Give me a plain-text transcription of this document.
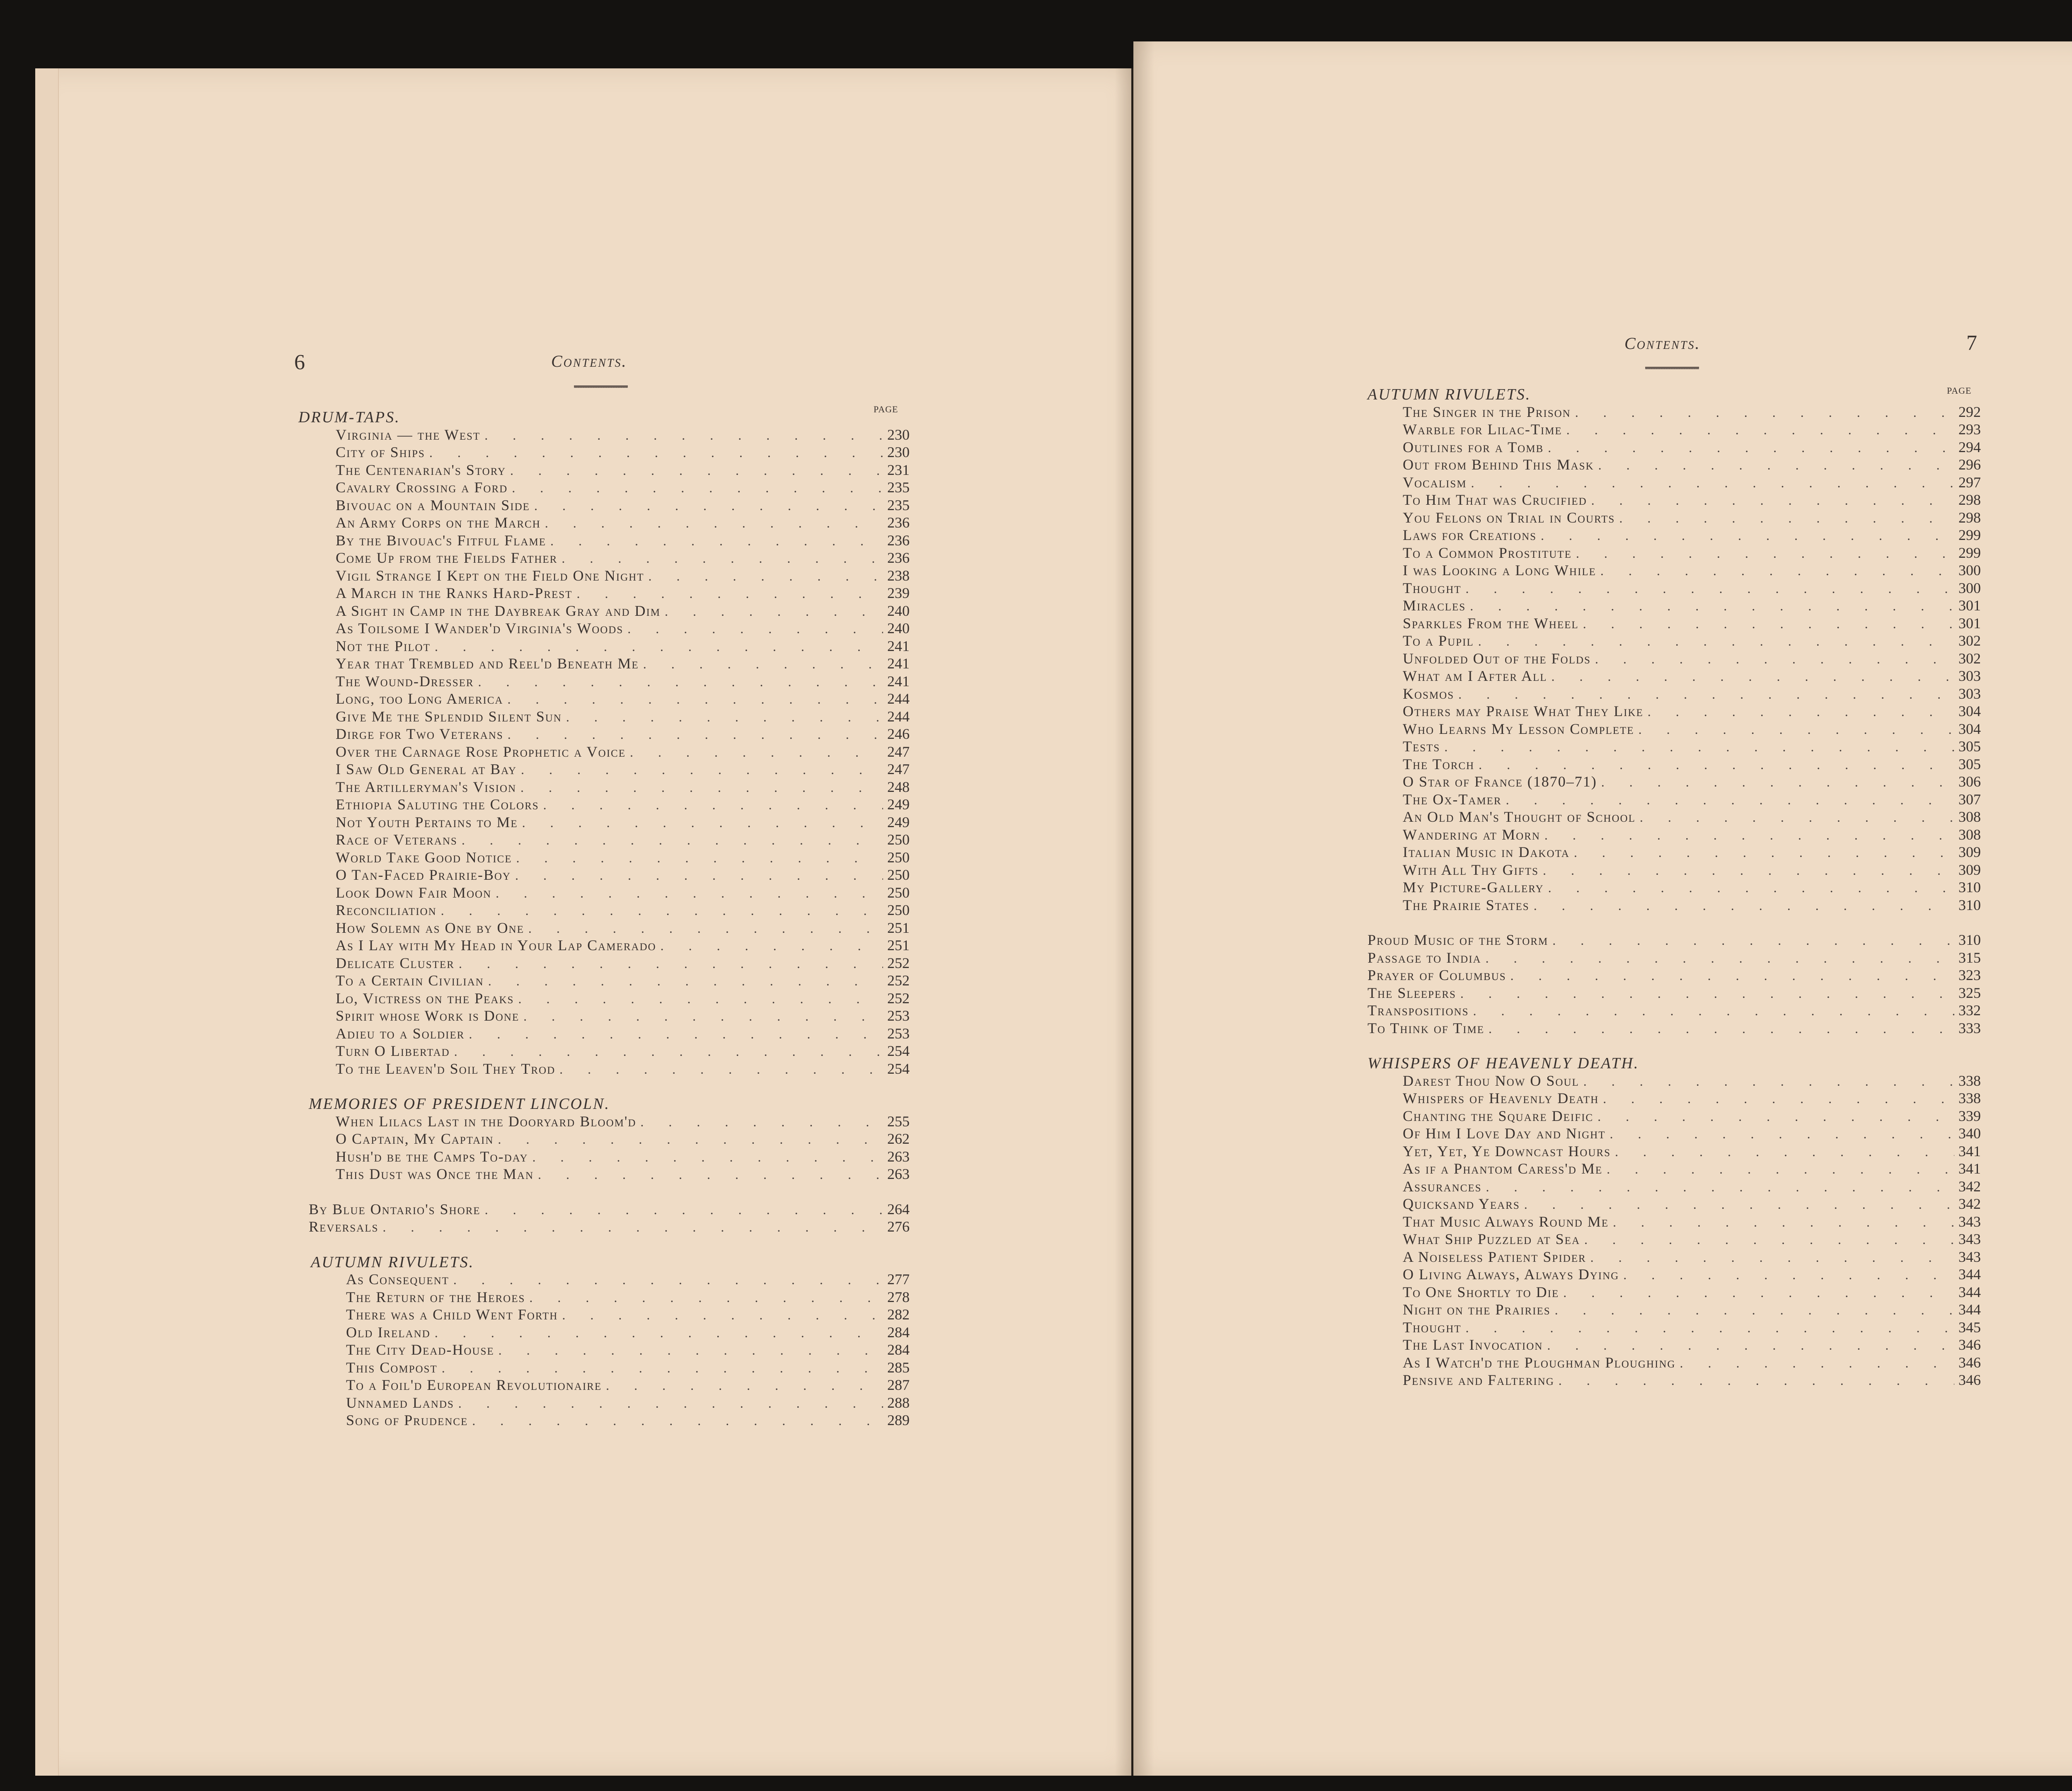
6	Contents.
Contents.	7
PAGE
DRUM-TAPS.
Virginia — the West . . .	230
City of Ships . . .	230
The Centenarian's Story . . .	231
Cavalry Crossing a Ford . . .	235
Bivouac on a Mountain Side . . .	235
An Army Corps on the March . . .	236
By the Bivouac's Fitful Flame . . .	236
Come Up from the Fields Father . . .	236
Vigil Strange I Kept on the Field One Night . . .	238
A March in the Ranks Hard-Prest . . .	239
A Sight in Camp in the Daybreak Gray and Dim . . .	240
As Toilsome I Wander'd Virginia's Woods . . .	240
Not the Pilot . . .	241
Year that Trembled and Reel'd Beneath Me . . .	241
The Wound-Dresser . . .	241
Long, too Long America . . .	244
Give Me the Splendid Silent Sun . . .	244
Dirge for Two Veterans . . .	246
Over the Carnage Rose Prophetic a Voice . . .	247
I Saw Old General at Bay . . .	247
The Artilleryman's Vision . . .	248
Ethiopia Saluting the Colors . . .	249
Not Youth Pertains to Me . . .	249
Race of Veterans . . .	250
World Take Good Notice . . .	250
O Tan-Faced Prairie-Boy . . .	250
Look Down Fair Moon . . .	250
Reconciliation . . .	250
How Solemn as One by One . . .	251
As I Lay with My Head in Your Lap Camerado . . .	251
Delicate Cluster . . .	252
To a Certain Civilian . . .	252
Lo, Victress on the Peaks . . .	252
Spirit whose Work is Done . . .	253
Adieu to a Soldier . . .	253
Turn O Libertad . . .	254
To the Leaven'd Soil They Trod . . .	254
MEMORIES OF PRESIDENT LINCOLN.
When Lilacs Last in the Dooryard Bloom'd . . .	255
O Captain, My Captain . . .	262
Hush'd be the Camps To-day . . .	263
This Dust was Once the Man . . .	263
By Blue Ontario's Shore . . .	264
Reversals . . .	276
AUTUMN RIVULETS.
As Consequent . . .	277
The Return of the Heroes . . .	278
There was a Child Went Forth . . .	282
Old Ireland . . .	284
The City Dead-House . . .	284
This Compost . . .	285
To a Foil'd European Revolutionaire . . .	287
Unnamed Lands . . .	288
Song of Prudence . . .	289
PAGE
AUTUMN RIVULETS.
The Singer in the Prison . . .	292
Warble for Lilac-Time . . .	293
Outlines for a Tomb . . .	294
Out from Behind This Mask . . .	296
Vocalism . . .	297
To Him That was Crucified . . .	298
You Felons on Trial in Courts . . .	298
Laws for Creations . . .	299
To a Common Prostitute . . .	299
I was Looking a Long While . . .	300
Thought . . .	300
Miracles . . .	301
Sparkles From the Wheel . . .	301
To a Pupil . . .	302
Unfolded Out of the Folds . . .	302
What am I After All . . .	303
Kosmos . . .	303
Others may Praise What They Like . . .	304
Who Learns My Lesson Complete . . .	304
Tests . . .	305
The Torch . . .	305
O Star of France (1870–71) . . .	306
The Ox-Tamer . . .	307
An Old Man's Thought of School . . .	308
Wandering at Morn . . .	308
Italian Music in Dakota . . .	309
With All Thy Gifts . . .	309
My Picture-Gallery . . .	310
The Prairie States . . .	310
Proud Music of the Storm . . .	310
Passage to India . . .	315
Prayer of Columbus . . .	323
The Sleepers . . .	325
Transpositions . . .	332
To Think of Time . . .	333
WHISPERS OF HEAVENLY DEATH.
Darest Thou Now O Soul . . .	338
Whispers of Heavenly Death . . .	338
Chanting the Square Deific . . .	339
Of Him I Love Day and Night . . .	340
Yet, Yet, Ye Downcast Hours . . .	341
As if a Phantom Caress'd Me . . .	341
Assurances . . .	342
Quicksand Years . . .	342
That Music Always Round Me . . .	343
What Ship Puzzled at Sea . . .	343
A Noiseless Patient Spider . . .	343
O Living Always, Always Dying . . .	344
To One Shortly to Die . . .	344
Night on the Prairies . . .	344
Thought . . .	345
The Last Invocation . . .	346
As I Watch'd the Ploughman Ploughing . . .	346
Pensive and Faltering . . .	346
